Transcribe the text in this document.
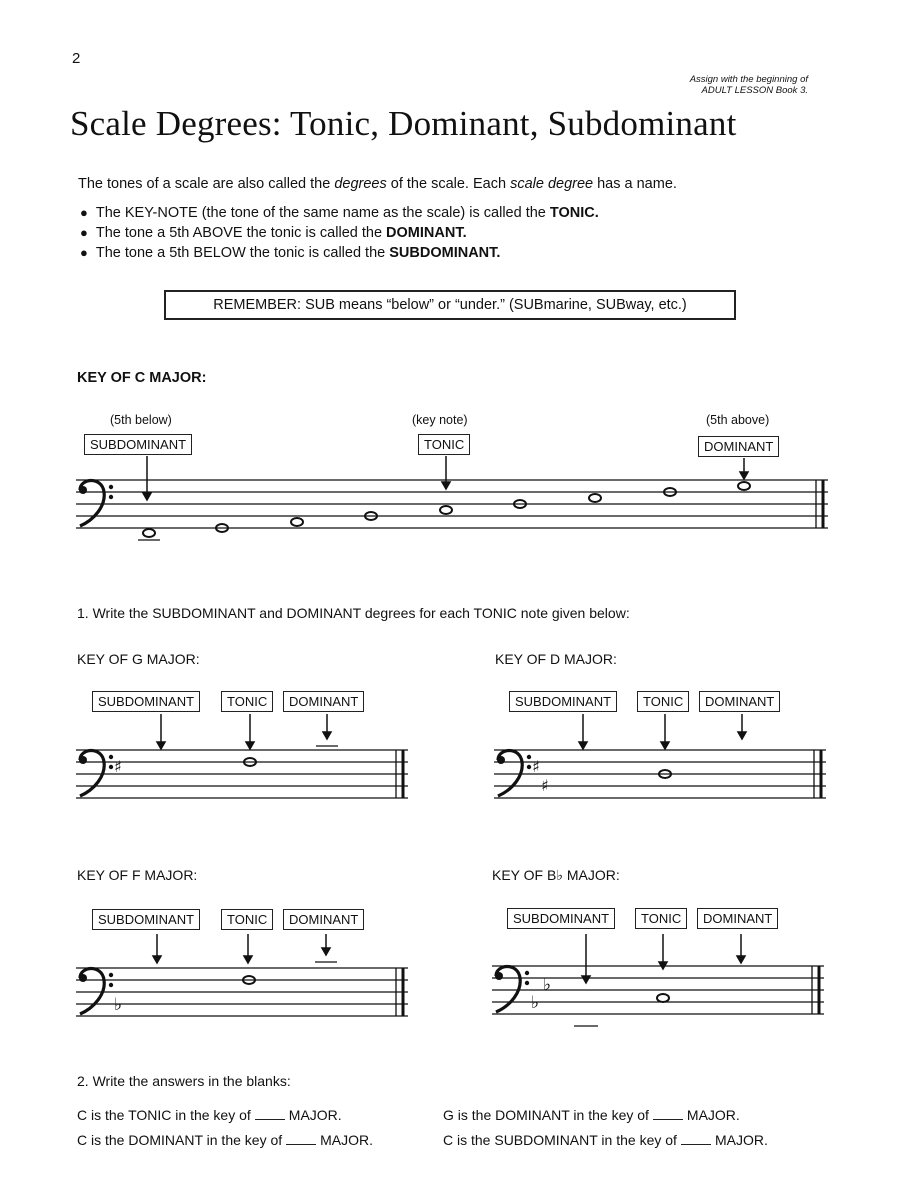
2
Assign with the beginning of
ADULT LESSON Book 3.
Scale Degrees: Tonic, Dominant, Subdominant
The tones of a scale are also called the degrees of the scale. Each scale degree has a name.
● The KEY-NOTE (the tone of the same name as the scale) is called the TONIC.
● The tone a 5th ABOVE the tonic is called the DOMINANT.
● The tone a 5th BELOW the tonic is called the SUBDOMINANT.
REMEMBER: SUB means “below” or “under.” (SUBmarine, SUBway, etc.)
KEY OF C MAJOR:
(5th below)	(key note)	(5th above)
SUBDOMINANT	TONIC	DOMINANT
♯	♯
♯
♭	♭
♭
1. Write the SUBDOMINANT and DOMINANT degrees for each TONIC note given below:
KEY OF G MAJOR:
SUBDOMINANT	TONIC	DOMINANT
KEY OF D MAJOR:
SUBDOMINANT	TONIC	DOMINANT
KEY OF F MAJOR:
SUBDOMINANT	TONIC	DOMINANT
KEY OF B♭ MAJOR:
SUBDOMINANT	TONIC	DOMINANT
2. Write the answers in the blanks:
C is the TONIC in the key of	MAJOR.	G is the DOMINANT in the key of	MAJOR.
C is the DOMINANT in the key of	MAJOR.	C is the SUBDOMINANT in the key of	MAJOR.
